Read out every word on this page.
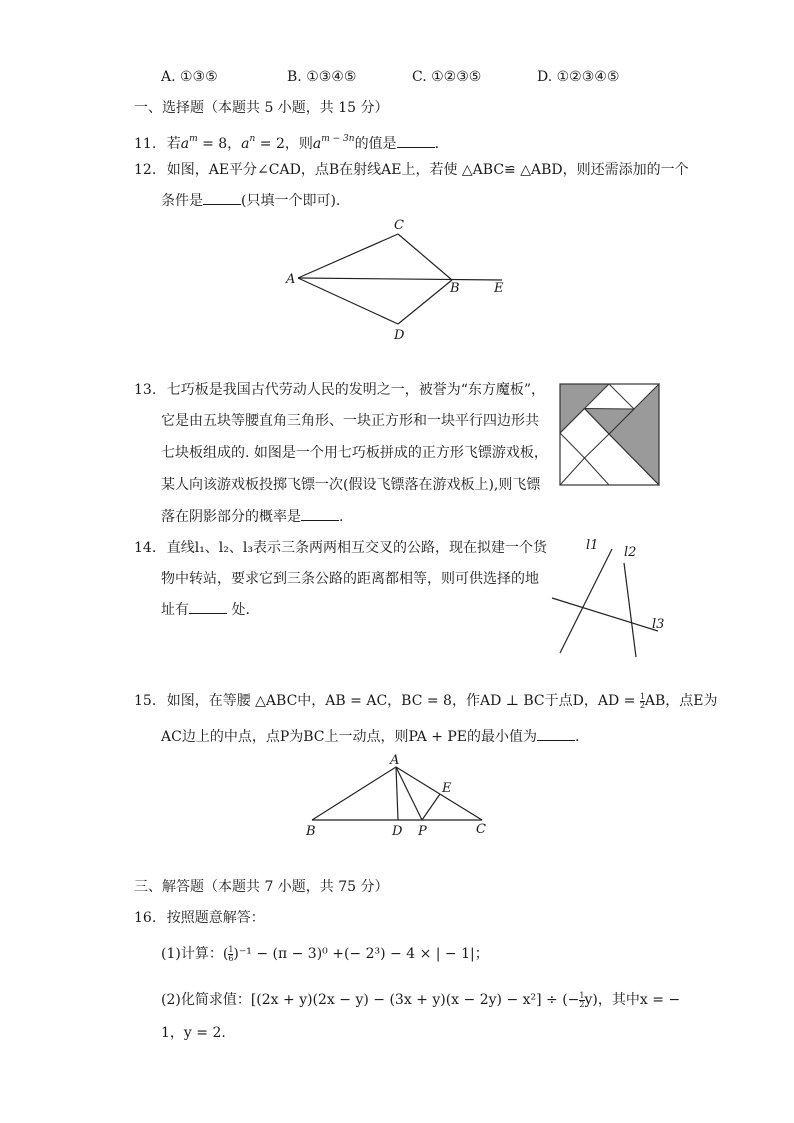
A. ①③⑤	B. ①③④⑤	C. ①②③⑤	D. ①②③④⑤
一、选择题（本题共 5 小题，共 15 分）
11. 若$a^m = 8$，$a^n = 2$，则$a^{m - 3n}$的值是	.
12. 如图，AE平分∠CAD，点B在射线AE上，若使 △ABC≌ △ABD，则还需添加的一个
条件是	(只填一个即可).
A
C
B	E
D
13. 七巧板是我国古代劳动人民的发明之一，被誉为“东方魔板”，
它是由五块等腰直角三角形、一块正方形和一块平行四边形共
七块板组成的. 如图是一个用七巧板拼成的正方形飞镖游戏板，
某人向该游戏板投掷飞镖一次(假设飞镖落在游戏板上),则飞镖
落在阴影部分的概率是	.
14. 直线l₁、l₂、l₃表示三条两两相互交叉的公路，现在拟建一个货
物中转站，要求它到三条公路的距离都相等，则可供选择的地
址有	处.
l1 l2
l3
15. 如图，在等腰 △ABC中，AB = AC，BC = 8，作AD ⊥ BC于点D，AD = $\frac{1}{2}$ AB，点E为
AC边上的中点，点P为BC上一动点，则PA + PE的最小值为	.
A
B	D P	C
E
三、解答题（本题共 7 小题，共 75 分）
16. 按照题意解答：
(1)计算：( $\frac{1}{6} )^{-1} - (\pi - 3)^0$ +(− 2³) − 4 × | − 1|；
(2)化简求值：[(2x + y)(2x − y) − (3x + y)(x − 2y) − x²] ÷ (− $\frac{1}{2} y$)，其中x = −
1，y = 2.
